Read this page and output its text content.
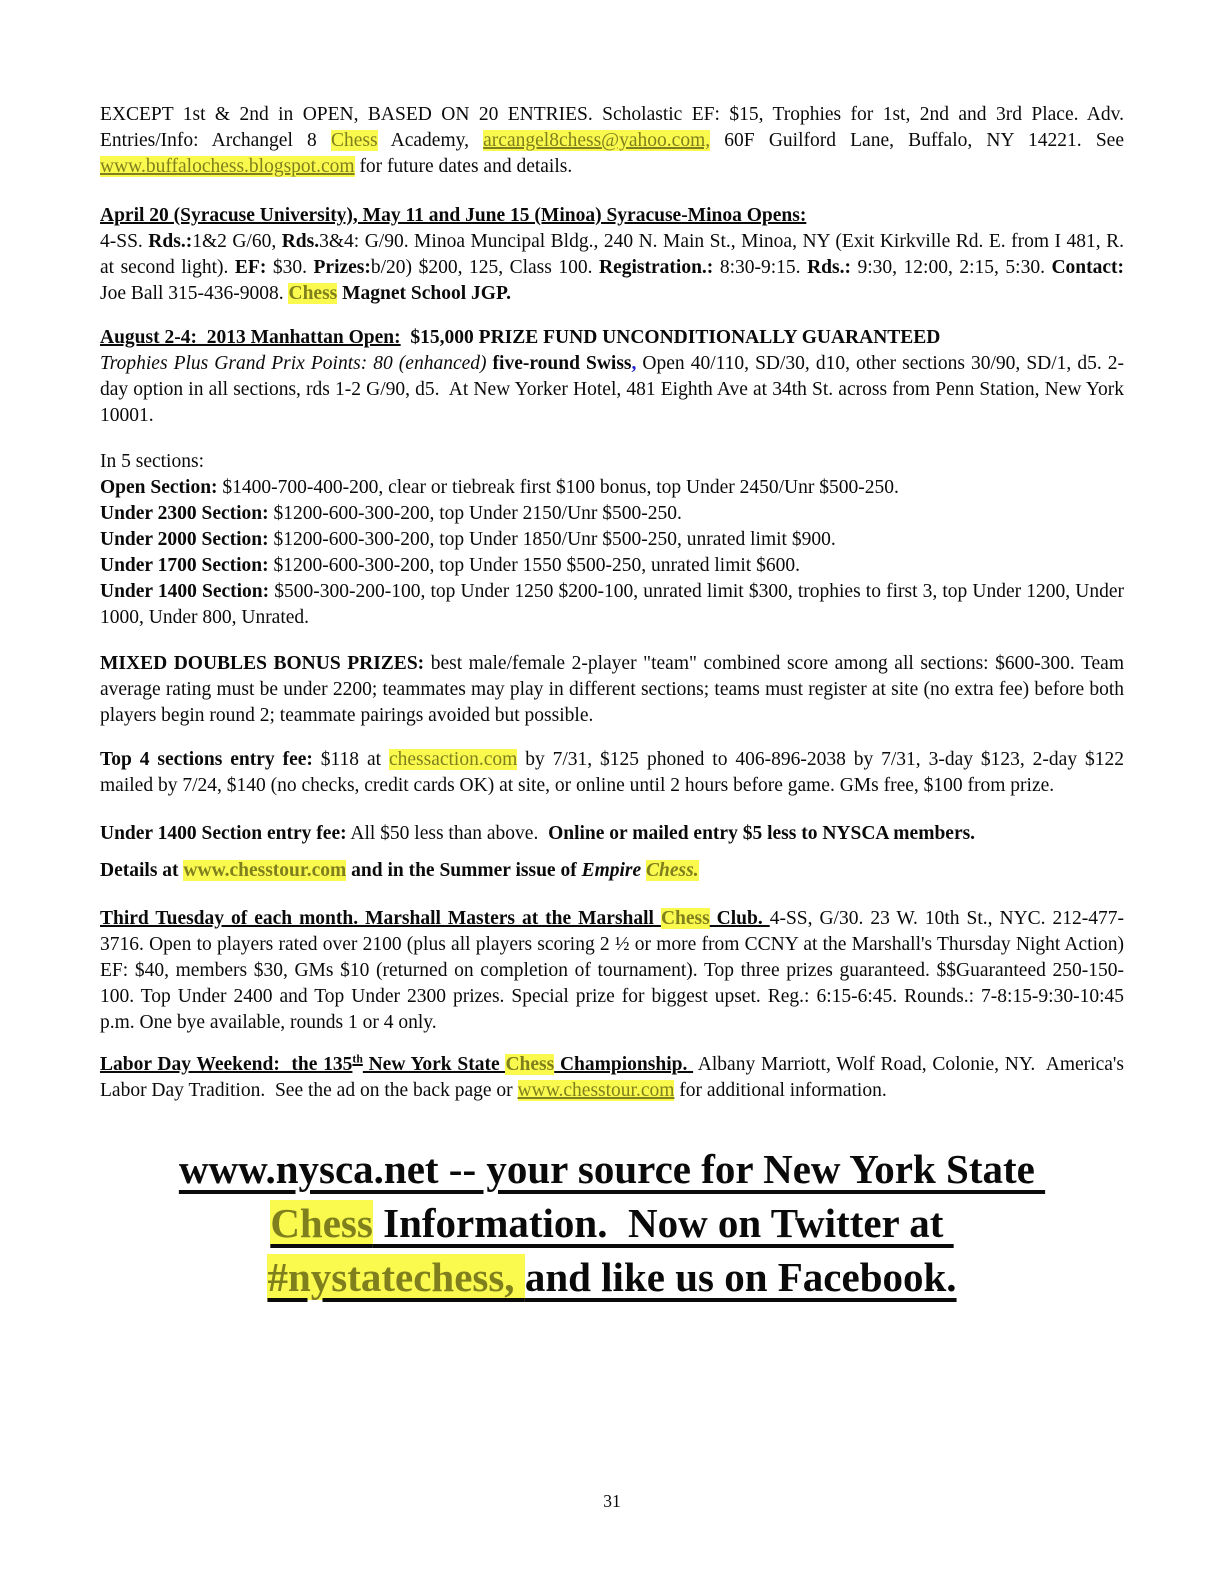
EXCEPT 1st & 2nd in OPEN, BASED ON 20 ENTRIES. Scholastic EF: $15, Trophies for 1st, 2nd and 3rd Place. Adv. Entries/Info: Archangel 8 Chess Academy, arcangel8chess@yahoo.com, 60F Guilford Lane, Buffalo, NY 14221. See www.buffalochess.blogspot.com for future dates and details.

April 20 (Syracuse University), May 11 and June 15 (Minoa) Syracuse-Minoa Opens:

4-SS. Rds.:1&2 G/60, Rds.3&4: G/90. Minoa Muncipal Bldg., 240 N. Main St., Minoa, NY (Exit Kirkville Rd. E. from I 481, R. at second light). EF: $30. Prizes:b/20) $200, 125, Class 100. Registration.: 8:30-9:15. Rds.: 9:30, 12:00, 2:15, 5:30. Contact: Joe Ball 315-436-9008. Chess Magnet School JGP.

August 2-4:  2013 Manhattan Open: $15,000 PRIZE FUND UNCONDITIONALLY GUARANTEED

Trophies Plus Grand Prix Points: 80 (enhanced) five-round Swiss, Open 40/110, SD/30, d10, other sections 30/90, SD/1, d5. 2-day option in all sections, rds 1-2 G/90, d5.  At New Yorker Hotel, 481 Eighth Ave at 34th St. across from Penn Station, New York 10001.

In 5 sections:

Open Section: $1400-700-400-200, clear or tiebreak first $100 bonus, top Under 2450/Unr $500-250.

Under 2300 Section: $1200-600-300-200, top Under 2150/Unr $500-250.

Under 2000 Section: $1200-600-300-200, top Under 1850/Unr $500-250, unrated limit $900.

Under 1700 Section: $1200-600-300-200, top Under 1550 $500-250, unrated limit $600.

Under 1400 Section: $500-300-200-100, top Under 1250 $200-100, unrated limit $300, trophies to first 3, top Under 1200, Under 1000, Under 800, Unrated.

MIXED DOUBLES BONUS PRIZES: best male/female 2-player "team" combined score among all sections: $600-300. Team average rating must be under 2200; teammates may play in different sections; teams must register at site (no extra fee) before both players begin round 2; teammate pairings avoided but possible.

Top 4 sections entry fee: $118 at chessaction.com by 7/31, $125 phoned to 406-896-2038 by 7/31, 3-day $123, 2-day $122 mailed by 7/24, $140 (no checks, credit cards OK) at site, or online until 2 hours before game. GMs free, $100 from prize.

Under 1400 Section entry fee: All $50 less than above.  Online or mailed entry $5 less to NYSCA members.

Details at www.chesstour.com and in the Summer issue of Empire Chess.

Third Tuesday of each month. Marshall Masters at the Marshall Chess Club. 4-SS, G/30. 23 W. 10th St., NYC. 212-477-3716. Open to players rated over 2100 (plus all players scoring 2 ½ or more from CCNY at the Marshall's Thursday Night Action) EF: $40, members $30, GMs $10 (returned on completion of tournament). Top three prizes guaranteed. $$Guaranteed 250-150-100. Top Under 2400 and Top Under 2300 prizes. Special prize for biggest upset. Reg.: 6:15-6:45. Rounds.: 7-8:15-9:30-10:45 p.m. One bye available, rounds 1 or 4 only.

Labor Day Weekend:  the 135th New York State Chess Championship.  Albany Marriott, Wolf Road, Colonie, NY.  America's Labor Day Tradition.  See the ad on the back page or www.chesstour.com for additional information.

www.nysca.net -- your source for New York State
Chess Information.  Now on Twitter at
#nystatechess, and like us on Facebook.
31
